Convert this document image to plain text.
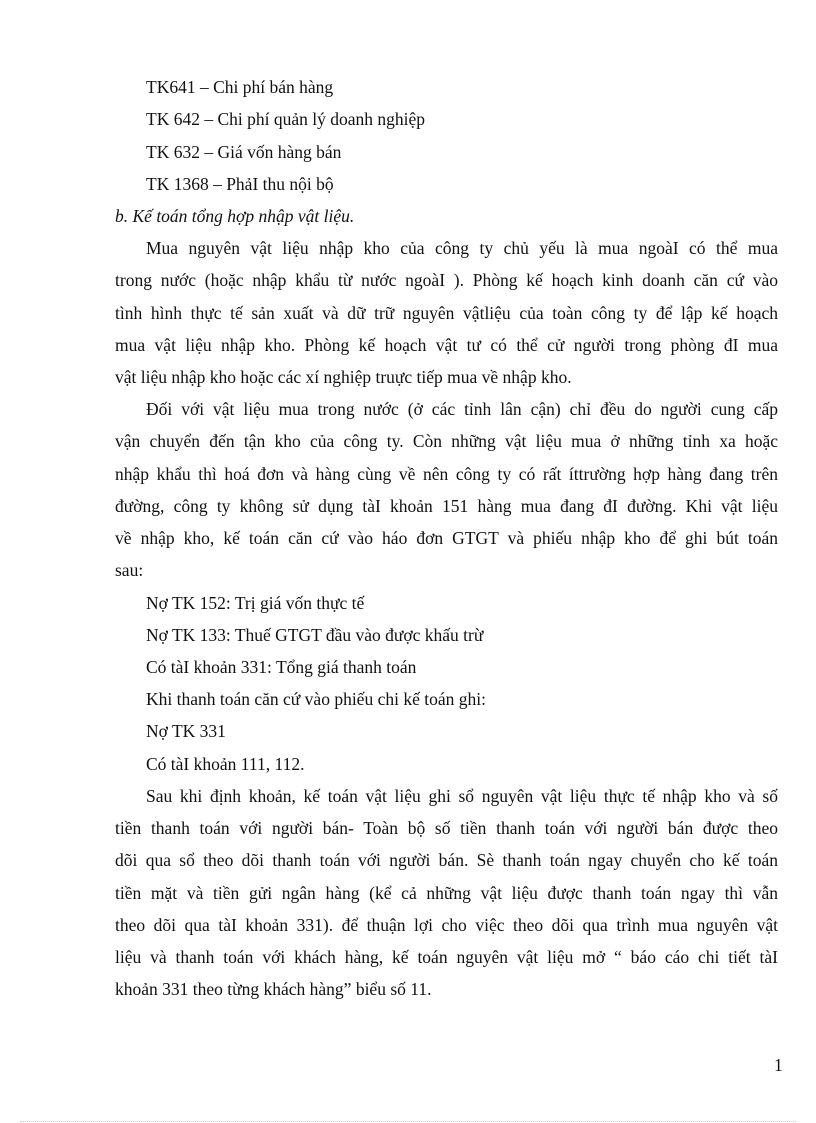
TK641 – Chi phí bán hàng
TK 642 – Chi phí quản lý doanh nghiệp
TK 632 – Giá vốn hàng bán
TK 1368 – PhảI thu nội bộ
b. Kế toán tổng hợp nhập vật liệu.
Mua nguyên vật liệu nhập kho của công ty chủ yếu là mua ngoàI có thể mua
trong nước (hoặc nhập khẩu từ nước ngoàI ). Phòng kế hoạch kinh doanh căn cứ vào
tình hình thực tế sản xuất và dữ trữ nguyên vậtliệu của toàn công ty để lập kế hoạch
mua vật liệu nhập kho. Phòng kế hoạch vật tư có thể cử người trong phòng đI mua
vật liệu nhập kho hoặc các xí nghiệp truực tiếp mua về nhập kho.
Đối với vật liệu mua trong nước (ở các tỉnh lân cận) chỉ đều do người cung cấp
vận chuyển đến tận kho của công ty. Còn những vật liệu mua ở những tỉnh xa hoặc
nhập khẩu thì hoá đơn và hàng cùng về nên công ty có rất íttrường hợp hàng đang trên
đường, công ty không sử dụng tàI khoản 151 hàng mua đang đI đường. Khi vật liệu
về nhập kho, kế toán căn cứ vào háo đơn GTGT và phiếu nhập kho để ghi bút toán
sau:
Nợ TK 152: Trị giá vốn thực tế
Nợ TK 133: Thuế GTGT đầu vào được khấu trừ
Có tàI khoản 331: Tổng giá thanh toán
Khi thanh toán căn cứ vào phiếu chi kế toán ghi:
Nợ TK 331
Có tàI khoản 111, 112.
Sau khi định khoản, kế toán vật liệu ghi sổ nguyên vật liệu thực tế nhập kho và số
tiền thanh toán với người bán- Toàn bộ số tiền thanh toán với người bán được theo
dõi qua sổ theo dõi thanh toán với người bán. Sè thanh toán ngay chuyển cho kế toán
tiền mặt và tiền gửi ngân hàng (kể cả những vật liệu được thanh toán ngay thì vẫn
theo dõi qua tàI khoản 331). để thuận lợi cho việc theo dõi qua trình mua nguyên vật
liệu và thanh toán với khách hàng, kế toán nguyên vật liệu mở “ báo cáo chi tiết tàI
khoản 331 theo từng khách hàng” biểu số 11.
1
